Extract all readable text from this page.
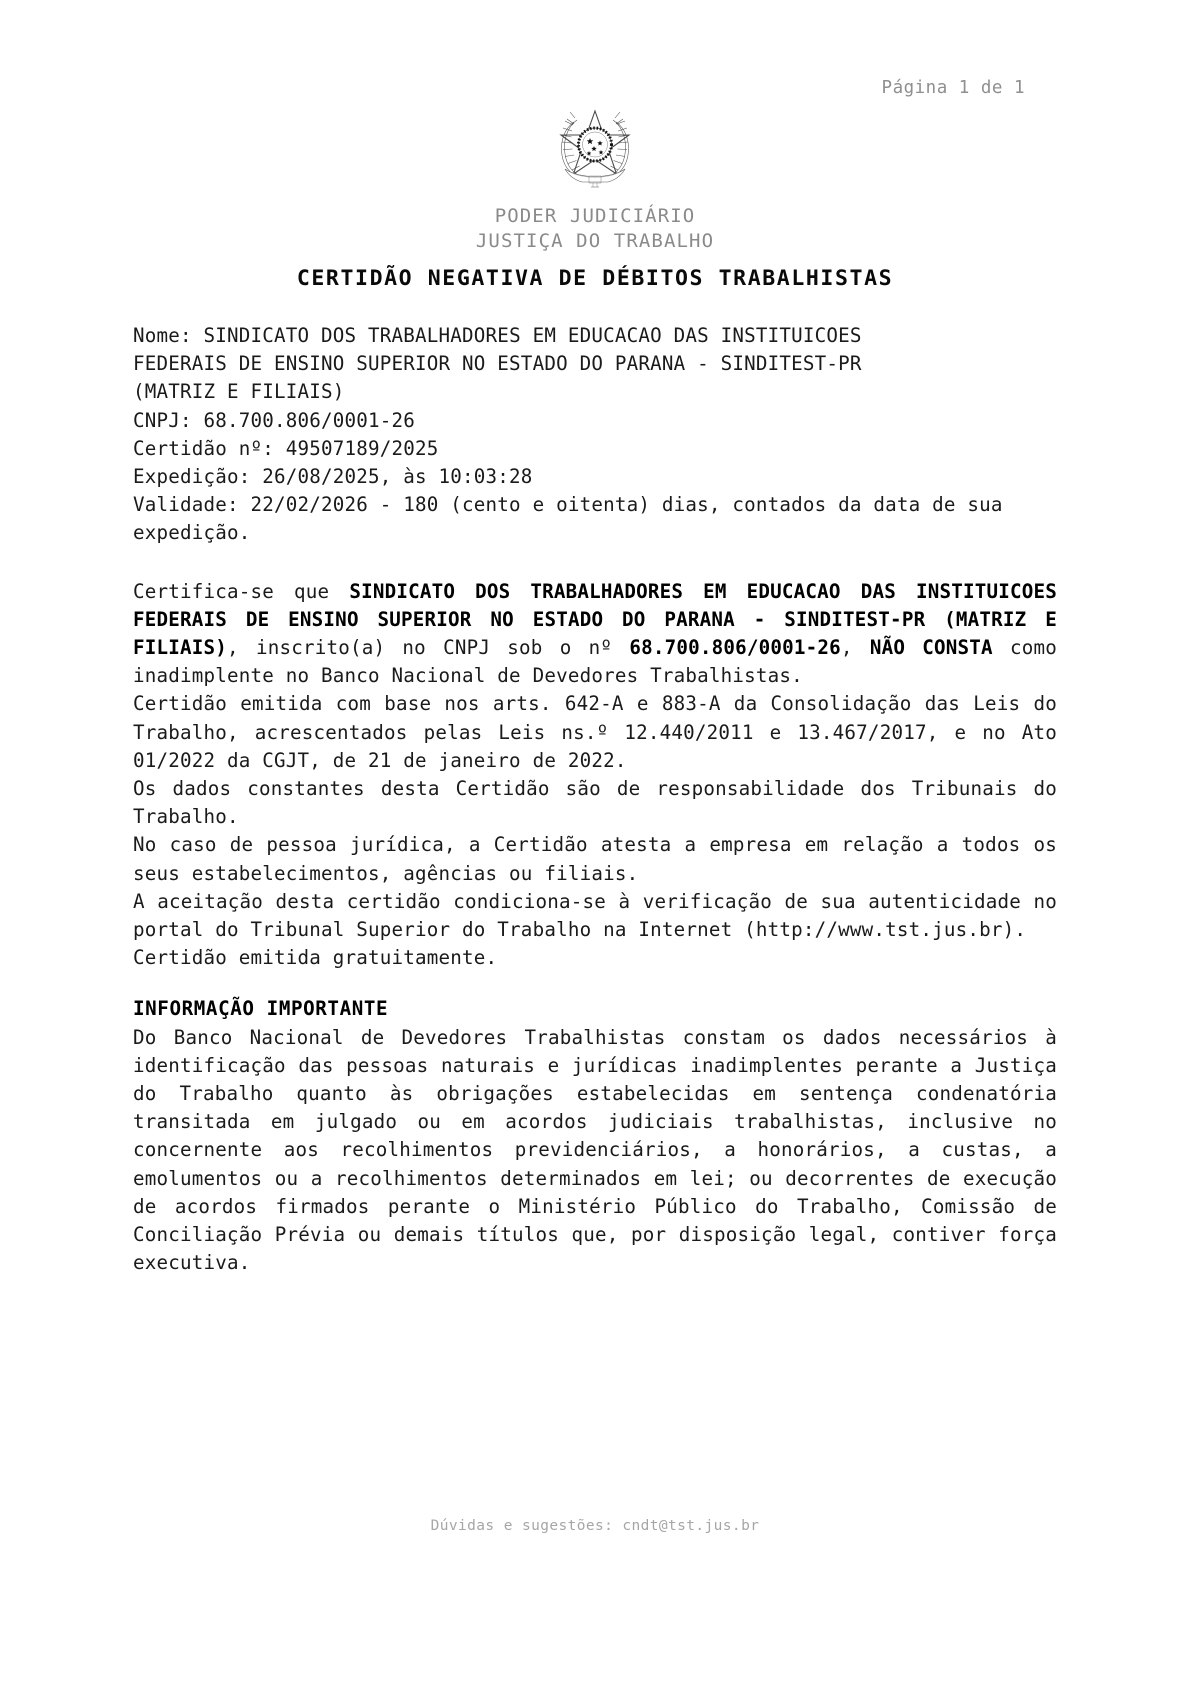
Página 1 de 1
PODER JUDICIÁRIO
JUSTIÇA DO TRABALHO
CERTIDÃO NEGATIVA DE DÉBITOS TRABALHISTAS
Nome: SINDICATO DOS TRABALHADORES EM EDUCACAO DAS INSTITUICOES
FEDERAIS DE ENSINO SUPERIOR NO ESTADO DO PARANA - SINDITEST-PR
(MATRIZ E FILIAIS)
CNPJ: 68.700.806/0001-26
Certidão nº: 49507189/2025
Expedição: 26/08/2025, às 10:03:28
Validade: 22/02/2026 - 180 (cento e oitenta) dias, contados da data de sua expedição.
Certifica-se que SINDICATO DOS TRABALHADORES EM EDUCACAO DAS INSTITUICOES FEDERAIS DE ENSINO SUPERIOR NO ESTADO DO PARANA - SINDITEST-PR (MATRIZ E FILIAIS), inscrito(a) no CNPJ sob o nº 68.700.806/0001-26, NÃO CONSTA como inadimplente no Banco Nacional de Devedores Trabalhistas.
Certidão emitida com base nos arts. 642-A e 883-A da Consolidação das Leis do Trabalho, acrescentados pelas Leis ns.º 12.440/2011 e 13.467/2017, e no Ato 01/2022 da CGJT, de 21 de janeiro de 2022.
Os dados constantes desta Certidão são de responsabilidade dos Tribunais do Trabalho.
No caso de pessoa jurídica, a Certidão atesta a empresa em relação a todos os seus estabelecimentos, agências ou filiais.
A aceitação desta certidão condiciona-se à verificação de sua autenticidade no portal do Tribunal Superior do Trabalho na Internet (http://www.tst.jus.br).
Certidão emitida gratuitamente.
INFORMAÇÃO IMPORTANTE
Do Banco Nacional de Devedores Trabalhistas constam os dados necessários à identificação das pessoas naturais e jurídicas inadimplentes perante a Justiça do Trabalho quanto às obrigações estabelecidas em sentença condenatória transitada em julgado ou em acordos judiciais trabalhistas, inclusive no concernente aos recolhimentos previdenciários, a honorários, a custas, a emolumentos ou a recolhimentos determinados em lei; ou decorrentes de execução de acordos firmados perante o Ministério Público do Trabalho, Comissão de Conciliação Prévia ou demais títulos que, por disposição legal, contiver força executiva.
Dúvidas e sugestões: cndt@tst.jus.br
